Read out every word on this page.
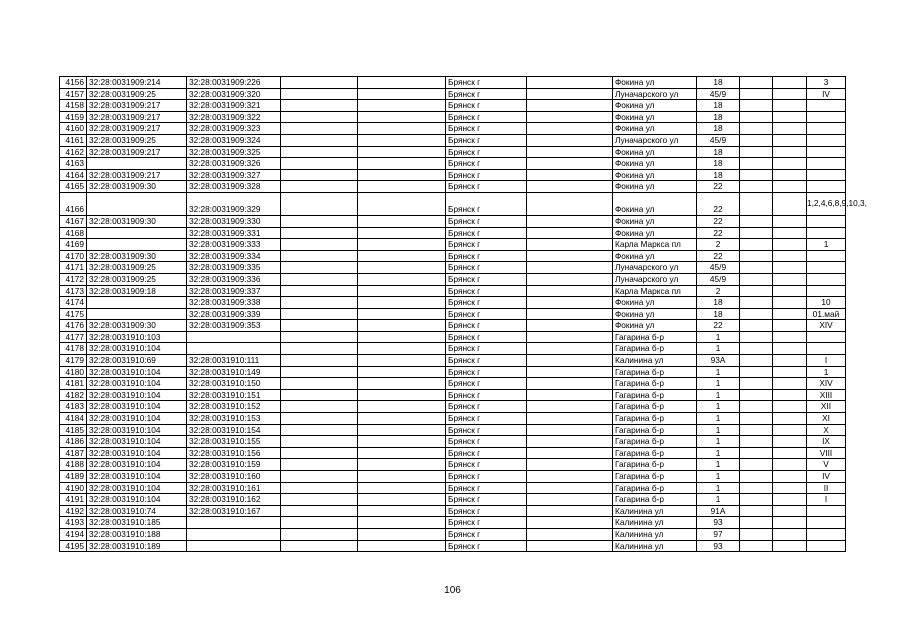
4156	32:28:0031909:214	32:28:0031909:226			Брянск г		Фокина ул	18			3
4157	32:28:0031909:25	32:28:0031909:320			Брянск г		Луначарского ул	45/9			IV
4158	32:28:0031909:217	32:28:0031909:321			Брянск г		Фокина ул	18			
4159	32:28:0031909:217	32:28:0031909:322			Брянск г		Фокина ул	18			
4160	32:28:0031909:217	32:28:0031909:323			Брянск г		Фокина ул	18			
4161	32:28:0031909:25	32:28:0031909:324			Брянск г		Луначарского ул	45/9			
4162	32:28:0031909:217	32:28:0031909:325			Брянск г		Фокина ул	18			
4163		32:28:0031909:326			Брянск г		Фокина ул	18			
4164	32:28:0031909:217	32:28:0031909:327			Брянск г		Фокина ул	18			
4165	32:28:0031909:30	32:28:0031909:328			Брянск г		Фокина ул	22			
4166		32:28:0031909:329			Брянск г		Фокина ул	22			1,2,4,6,8,9,10,3,
4167	32:28:0031909:30	32:28:0031909:330			Брянск г		Фокина ул	22			
4168		32:28:0031909:331			Брянск г		Фокина ул	22			
4169		32:28:0031909:333			Брянск г		Карла Маркса пл	2			1
4170	32:28:0031909:30	32:28:0031909:334			Брянск г		Фокина ул	22			
4171	32:28:0031909:25	32:28:0031909:335			Брянск г		Луначарского ул	45/9			
4172	32:28:0031909:25	32:28:0031909:336			Брянск г		Луначарского ул	45/9			
4173	32:28:0031909:18	32:28:0031909:337			Брянск г		Карла Маркса пл	2			
4174		32:28:0031909:338			Брянск г		Фокина ул	18			10
4175		32:28:0031909:339			Брянск г		Фокина ул	18			01.май
4176	32:28:0031909:30	32:28:0031909:353			Брянск г		Фокина ул	22			XIV
4177	32:28:0031910:103				Брянск г		Гагарина б-р	1			
4178	32:28:0031910:104				Брянск г		Гагарина б-р	1			
4179	32:28:0031910:69	32:28:0031910:111			Брянск г		Калинина ул	93А			I
4180	32:28:0031910:104	32:28:0031910:149			Брянск г		Гагарина б-р	1			1
4181	32:28:0031910:104	32:28:0031910:150			Брянск г		Гагарина б-р	1			XIV
4182	32:28:0031910:104	32:28:0031910:151			Брянск г		Гагарина б-р	1			XIII
4183	32:28:0031910:104	32:28:0031910:152			Брянск г		Гагарина б-р	1			XII
4184	32:28:0031910:104	32:28:0031910:153			Брянск г		Гагарина б-р	1			XI
4185	32:28:0031910:104	32:28:0031910:154			Брянск г		Гагарина б-р	1			X
4186	32:28:0031910:104	32:28:0031910:155			Брянск г		Гагарина б-р	1			IX
4187	32:28:0031910:104	32:28:0031910:156			Брянск г		Гагарина б-р	1			VIII
4188	32:28:0031910:104	32:28:0031910:159			Брянск г		Гагарина б-р	1			V
4189	32:28:0031910:104	32:28:0031910:160			Брянск г		Гагарина б-р	1			IV
4190	32:28:0031910:104	32:28:0031910:161			Брянск г		Гагарина б-р	1			II
4191	32:28:0031910:104	32:28:0031910:162			Брянск г		Гагарина б-р	1			I
4192	32:28:0031910:74	32:28:0031910:167			Брянск г		Калинина ул	91А			
4193	32:28:0031910:185				Брянск г		Калинина ул	93			
4194	32:28:0031910:188				Брянск г		Калинина ул	97			
4195	32:28:0031910:189				Брянск г		Калинина ул	93			
106
